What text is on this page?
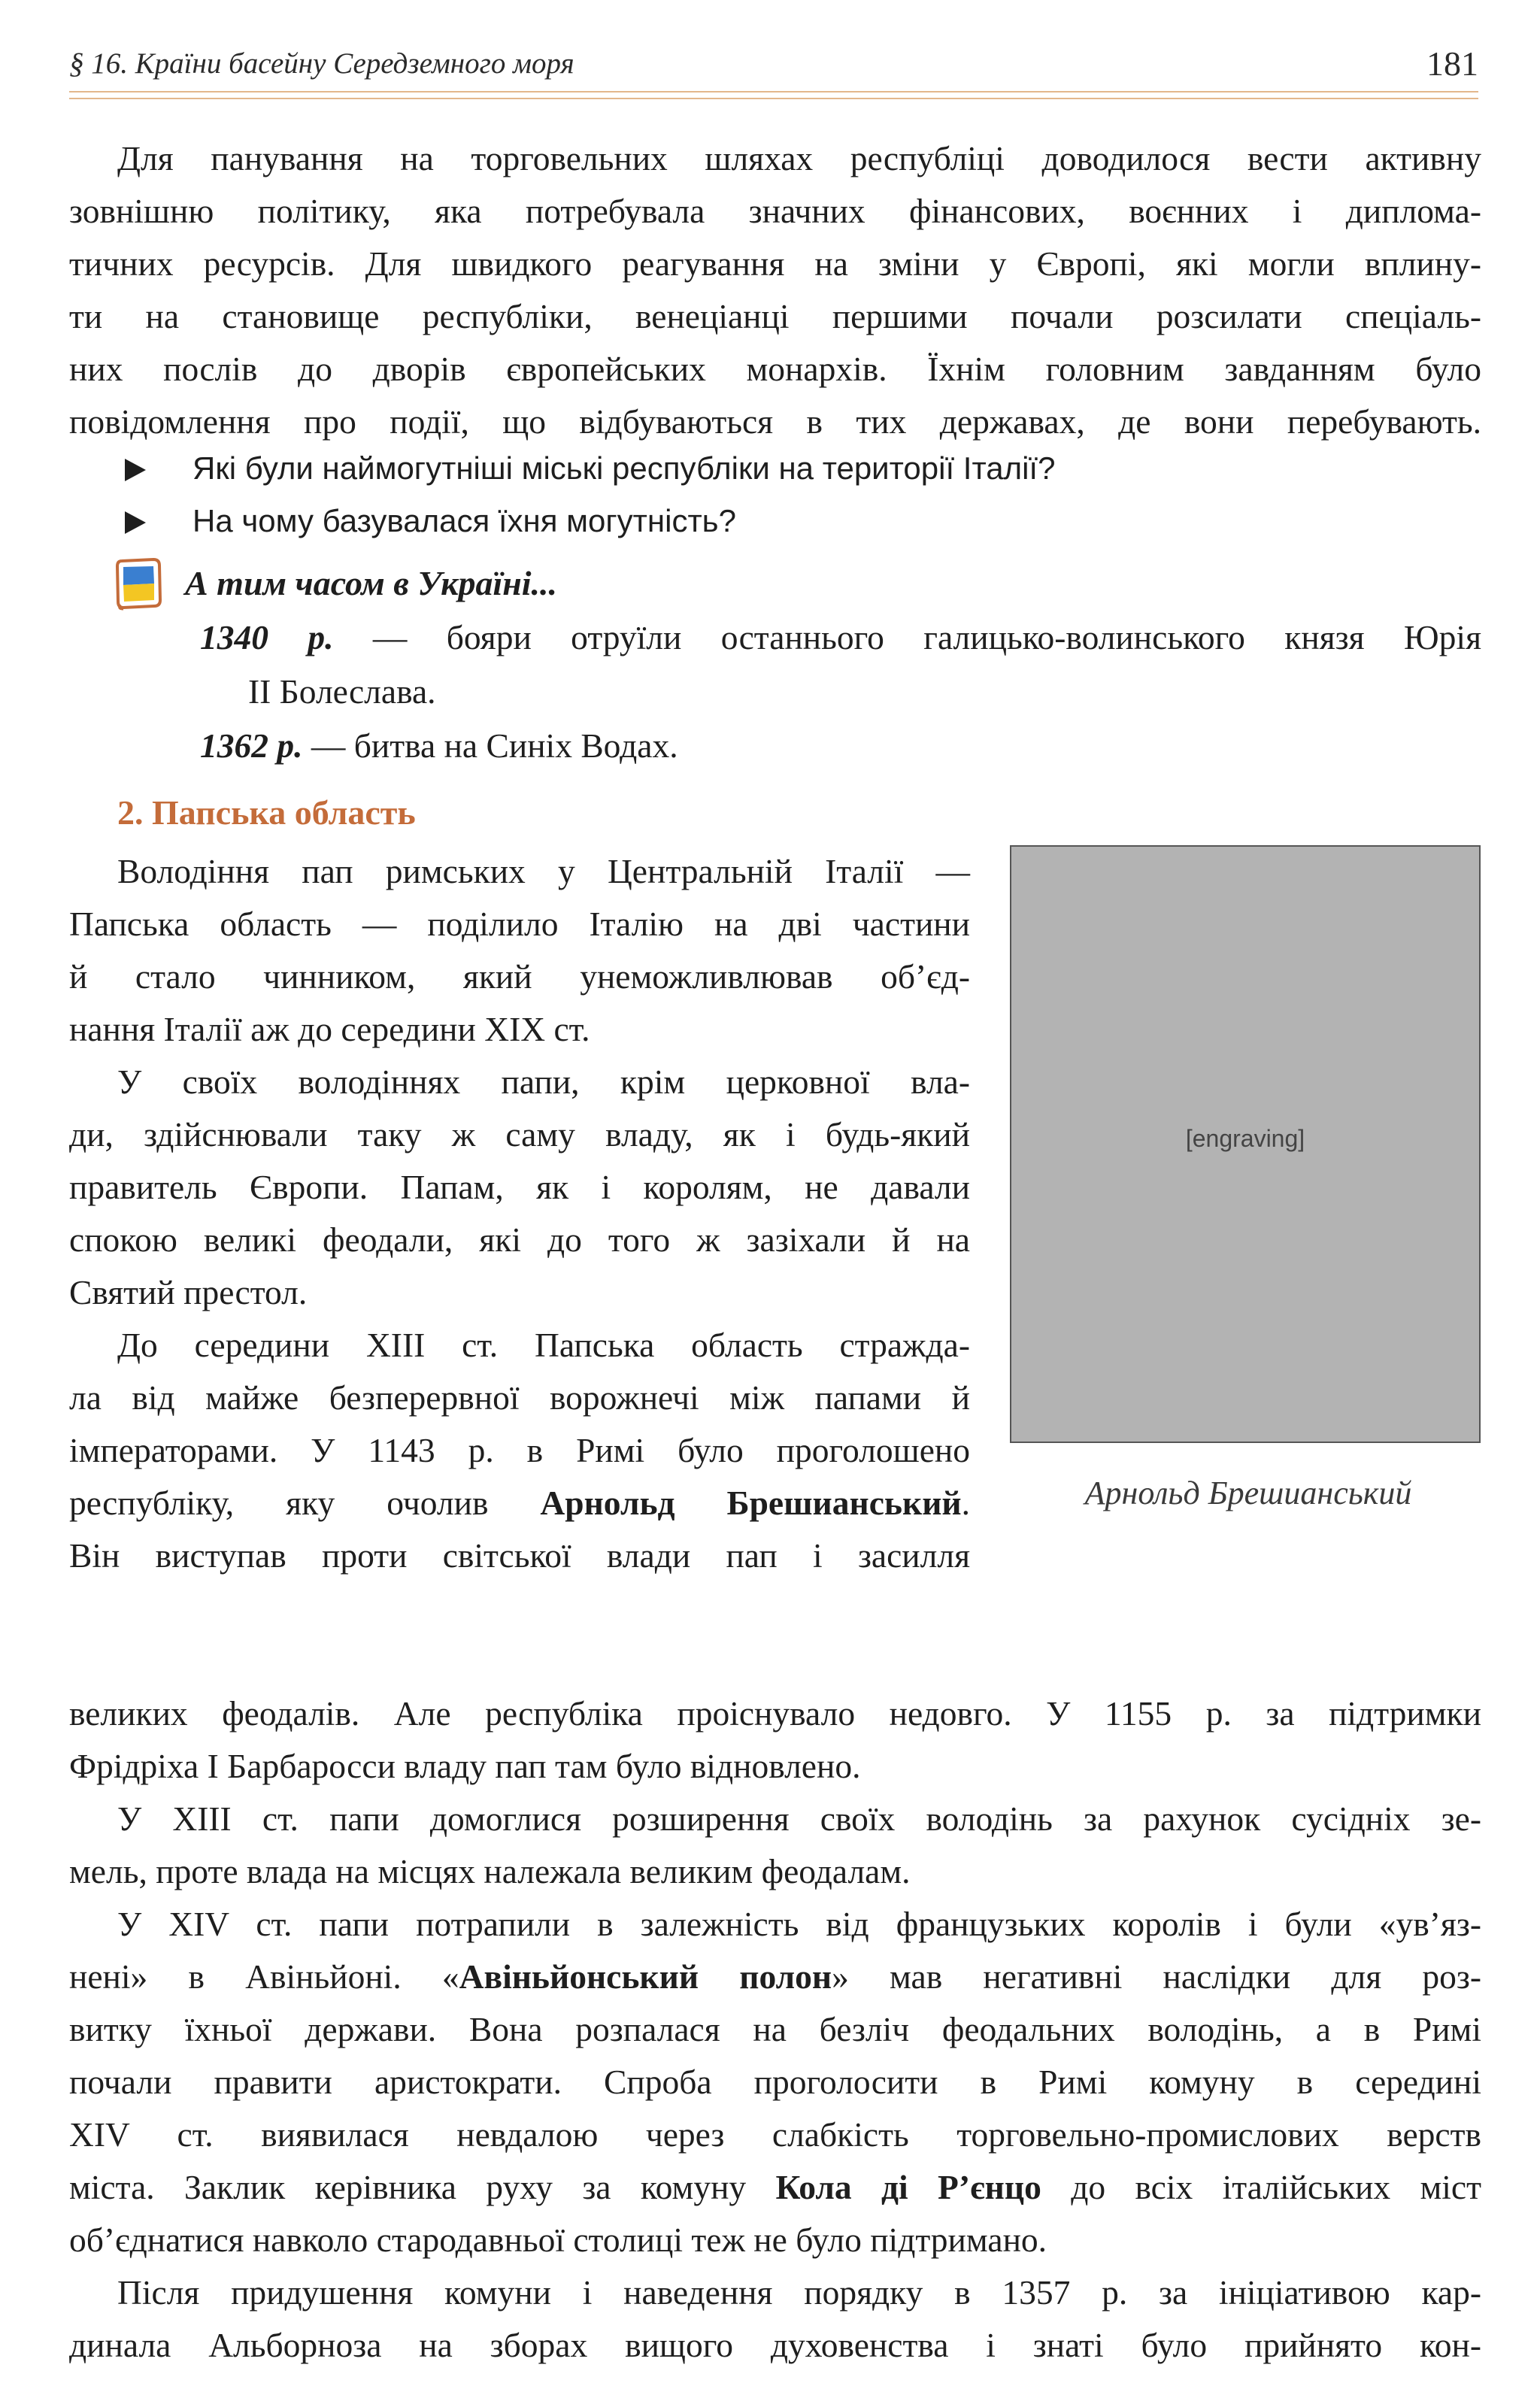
§ 16. Країни басейну Середземного моря	181

Для панування на торговельних шляхах республіці доводилося вести активну

зовнішню політику, яка потребувала значних фінансових, воєнних і диплома-

тичних ресурсів. Для швидкого реагування на зміни у Європі, які могли вплину-

ти на становище республіки, венеціанці першими почали розсилати спеціаль-

них послів до дворів європейських монархів. Їхнім головним завданням було

повідомлення про події, що відбуваються в тих державах, де вони перебувають.

Які були наймогутніші міські республіки на території Італії?
На чому базувалася їхня могутність?
А тим часом в Україні...

1340 р. — бояри отруїли останнього галицько-волинського князя Юрія

II Болеслава.

1362 р. — битва на Синіх Водах.

2. Папська область

Володіння пап римських у Центральній Італії —

Папська область — поділило Італію на дві частини

й стало чинником, який унеможливлював об’єд-

нання Італії аж до середини XIX ст.

У своїх володіннях папи, крім церковної вла-

ди, здійснювали таку ж саму владу, як і будь-який

правитель Європи. Папам, як і королям, не давали

спокою великі феодали, які до того ж зазіхали й на

Святий престол.

До середини XIII ст. Папська область страждa-

ла від майже безперервної ворожнечі між папами й

імператорами. У 1143 р. в Римі було проголошено

республіку, яку очолив Арнольд Брешианський.

Він виступав проти світської влади пап і засилля

великих феодалів. Але республіка проіснувало недовго. У 1155 р. за підтримки

Фрідріха І Барбаросси владу пап там було відновлено.

У XIII ст. папи домоглися розширення своїх володінь за рахунок сусідніх зе-

мель, проте влада на місцях належала великим феодалам.

У XIV ст. папи потрапили в залежність від французьких королів і були «ув’яз-

нені» в Авіньйоні. «Авіньйонський полон» мав негативні наслідки для роз-

витку їхньої держави. Вона розпалася на безліч феодальних володінь, а в Римі

почали правити аристократи. Спроба проголосити в Римі комуну в середині

XIV ст. виявилася невдалою через слабкість торговельно-промислових верств

міста. Заклик керівника руху за комуну Кола ді Р’єнцо до всіх італійських міст

об’єднатися навколо стародавньої столиці теж не було підтримано.

Після придушення комуни і наведення порядку в 1357 р. за ініціативою кар-

динала Альборноза на зборах вищого духовенства і знаті було прийнято кон-

[engraving]
Арнольд Брешианський
